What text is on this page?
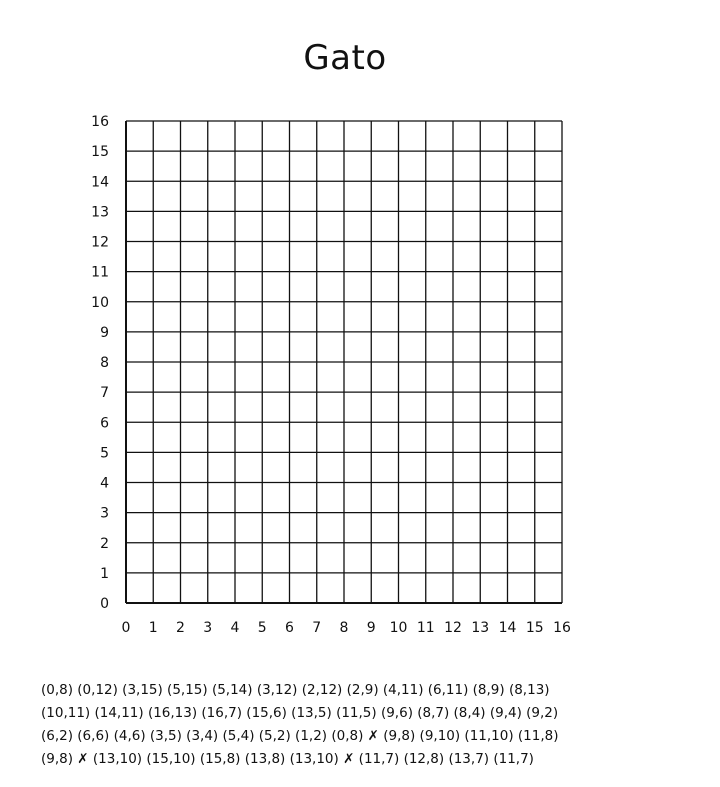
Gato
0
1
2
3
4
5
6
7
8
9
10
11
12
13
14
15
16
0 1 2 3 4 5 6 7 8 9 10 11 12 13 14 15 16
(0,8) (0,12) (3,15) (5,15) (5,14) (3,12) (2,12) (2,9) (4,11) (6,11) (8,9) (8,13)
(10,11) (14,11) (16,13) (16,7) (15,6) (13,5) (11,5) (9,6) (8,7) (8,4) (9,4) (9,2)
(6,2) (6,6) (4,6) (3,5) (3,4) (5,4) (5,2) (1,2) (0,8) ✗ (9,8) (9,10) (11,10) (11,8)
(9,8) ✗ (13,10) (15,10) (15,8) (13,8) (13,10) ✗ (11,7) (12,8) (13,7) (11,7)
